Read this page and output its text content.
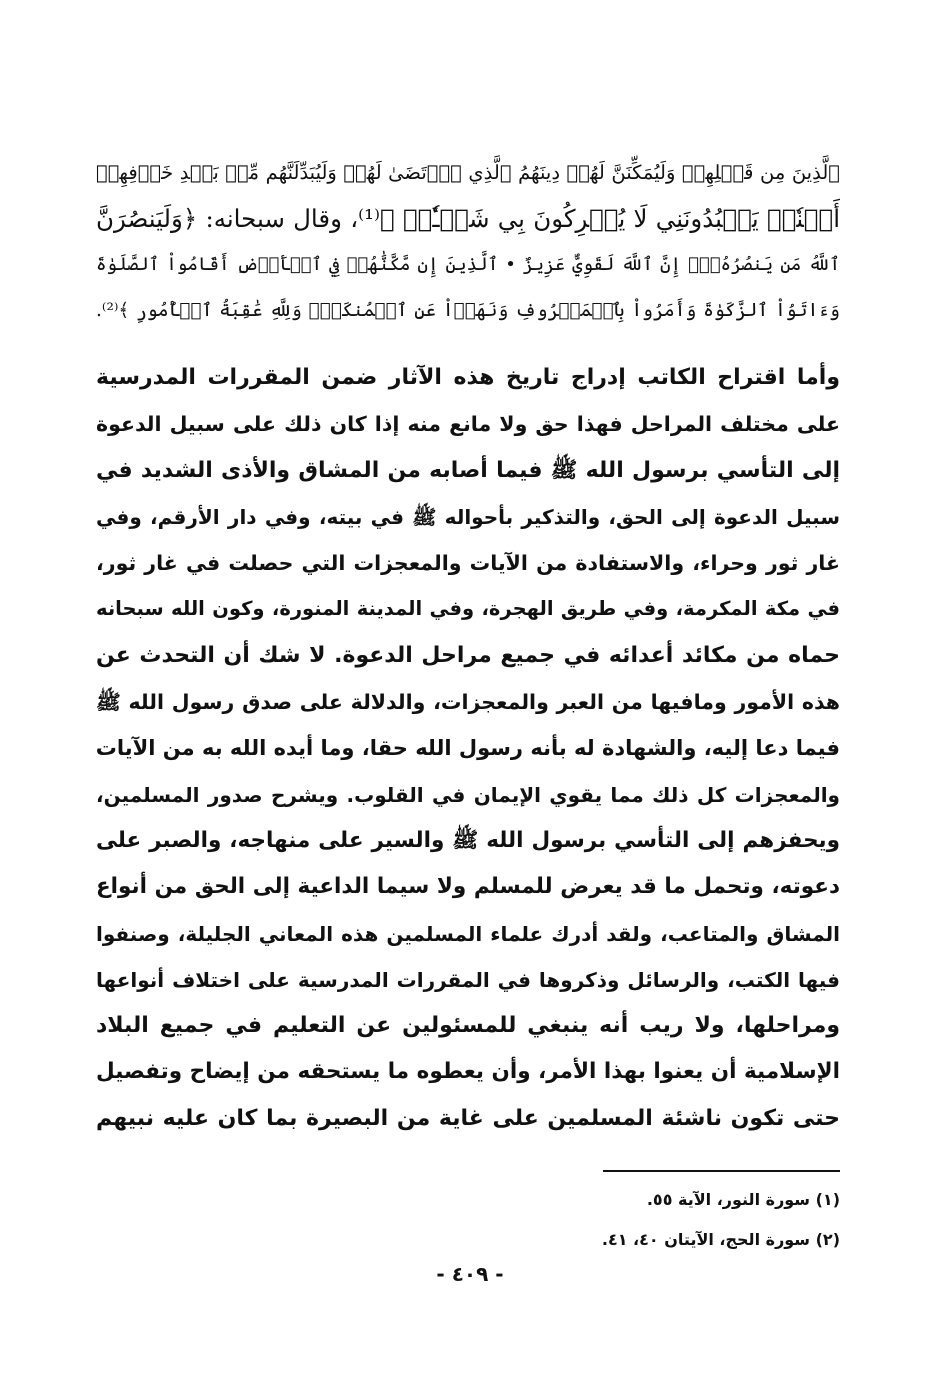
ٱلَّذِينَ مِن قَبۡلِهِمۡ وَلَيُمَكِّنَنَّ لَهُمۡ دِينَهُمُ ٱلَّذِي ٱرۡتَضَىٰ لَهُمۡ وَلَيُبَدِّلَنَّهُم مِّنۢ بَعۡدِ خَوۡفِهِمۡ
أَمۡنٗاۚ يَعۡبُدُونَنِي لَا يُشۡرِكُونَ بِي شَيۡـٔٗاۚ ﴾⁽¹⁾، وقال سبحانه: ﴿وَلَيَنصُرَنَّ
ٱللَّهُ مَن يَنصُرُهُۥٓۚ إِنَّ ٱللَّهَ لَقَوِيٌّ عَزِيزٌ • ٱلَّذِينَ إِن مَّكَّنَّٰهُمۡ فِي ٱلۡأَرۡضِ أَقَامُواْ ٱلصَّلَوٰةَ
وَءَاتَوُاْ ٱلزَّكَوٰةَ وَأَمَرُواْ بِٱلۡمَعۡرُوفِ وَنَهَوۡاْ عَنِ ٱلۡمُنكَرِۗ وَلِلَّهِ عَٰقِبَةُ ٱلۡأُمُورِ ﴾⁽²⁾.
وأما اقتراح الكاتب إدراج تاريخ هذه الآثار ضمن المقررات المدرسية
على مختلف المراحل فهذا حق ولا مانع منه إذا كان ذلك على سبيل الدعوة
إلى التأسي برسول الله ﷺ فيما أصابه من المشاق والأذى الشديد في
سبيل الدعوة إلى الحق، والتذكير بأحواله ﷺ في بيته، وفي دار الأرقم، وفي
غار ثور وحراء، والاستفادة من الآيات والمعجزات التي حصلت في غار ثور،
في مكة المكرمة، وفي طريق الهجرة، وفي المدينة المنورة، وكون الله سبحانه
حماه من مكائد أعدائه في جميع مراحل الدعوة. لا شك أن التحدث عن
هذه الأمور ومافيها من العبر والمعجزات، والدلالة على صدق رسول الله ﷺ
فيما دعا إليه، والشهادة له بأنه رسول الله حقا، وما أيده الله به من الآيات
والمعجزات كل ذلك مما يقوي الإيمان في القلوب. ويشرح صدور المسلمين،
ويحفزهم إلى التأسي برسول الله ﷺ والسير على منهاجه، والصبر على
دعوته، وتحمل ما قد يعرض للمسلم ولا سيما الداعية إلى الحق من أنواع
المشاق والمتاعب، ولقد أدرك علماء المسلمين هذه المعاني الجليلة، وصنفوا
فيها الكتب، والرسائل وذكروها في المقررات المدرسية على اختلاف أنواعها
ومراحلها، ولا ريب أنه ينبغي للمسئولين عن التعليم في جميع البلاد
الإسلامية أن يعنوا بهذا الأمر، وأن يعطوه ما يستحقه من إيضاح وتفصيل
حتى تكون ناشئة المسلمين على غاية من البصيرة بما كان عليه نبيهم
(١) سورة النور، الآية ٥٥.
(٢) سورة الحج، الآيتان ٤٠، ٤١.
- ٤٠٩ -
